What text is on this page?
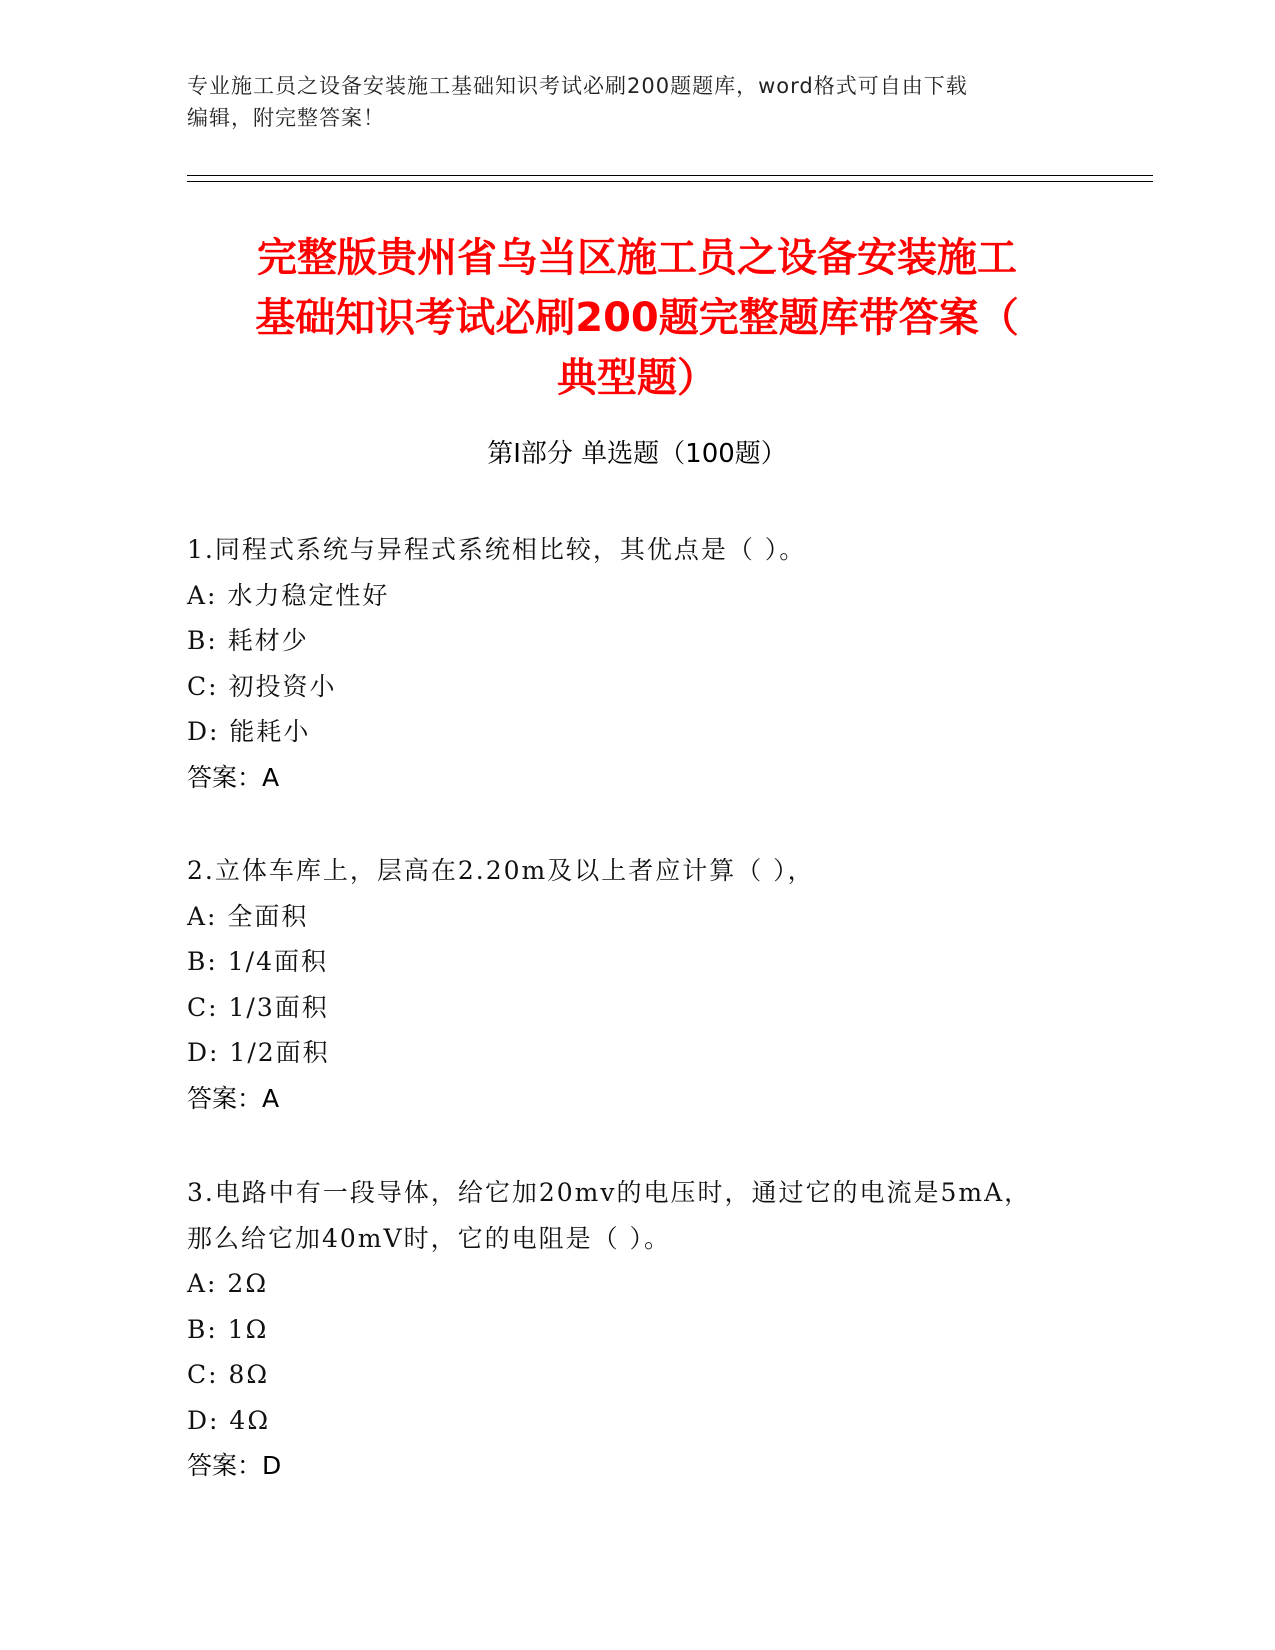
专业施工员之设备安装施工基础知识考试必刷200题题库，word格式可自由下载
编辑，附完整答案！
完整版贵州省乌当区施工员之设备安装施工
基础知识考试必刷200题完整题库带答案（
典型题）
第Ⅰ部分 单选题（100题）

1.同程式系统与异程式系统相比较，其优点是（ ）。

A: 水力稳定性好

B: 耗材少

C: 初投资小

D: 能耗小

答案：A

2.立体车库上，层高在2.20m及以上者应计算（ ），

A: 全面积

B: 1/4面积

C: 1/3面积

D: 1/2面积

答案：A

3.电路中有一段导体，给它加20mv的电压时，通过它的电流是5mA，

那么给它加40mV时，它的电阻是（ ）。

A: 2Ω

B: 1Ω

C: 8Ω

D: 4Ω

答案：D
